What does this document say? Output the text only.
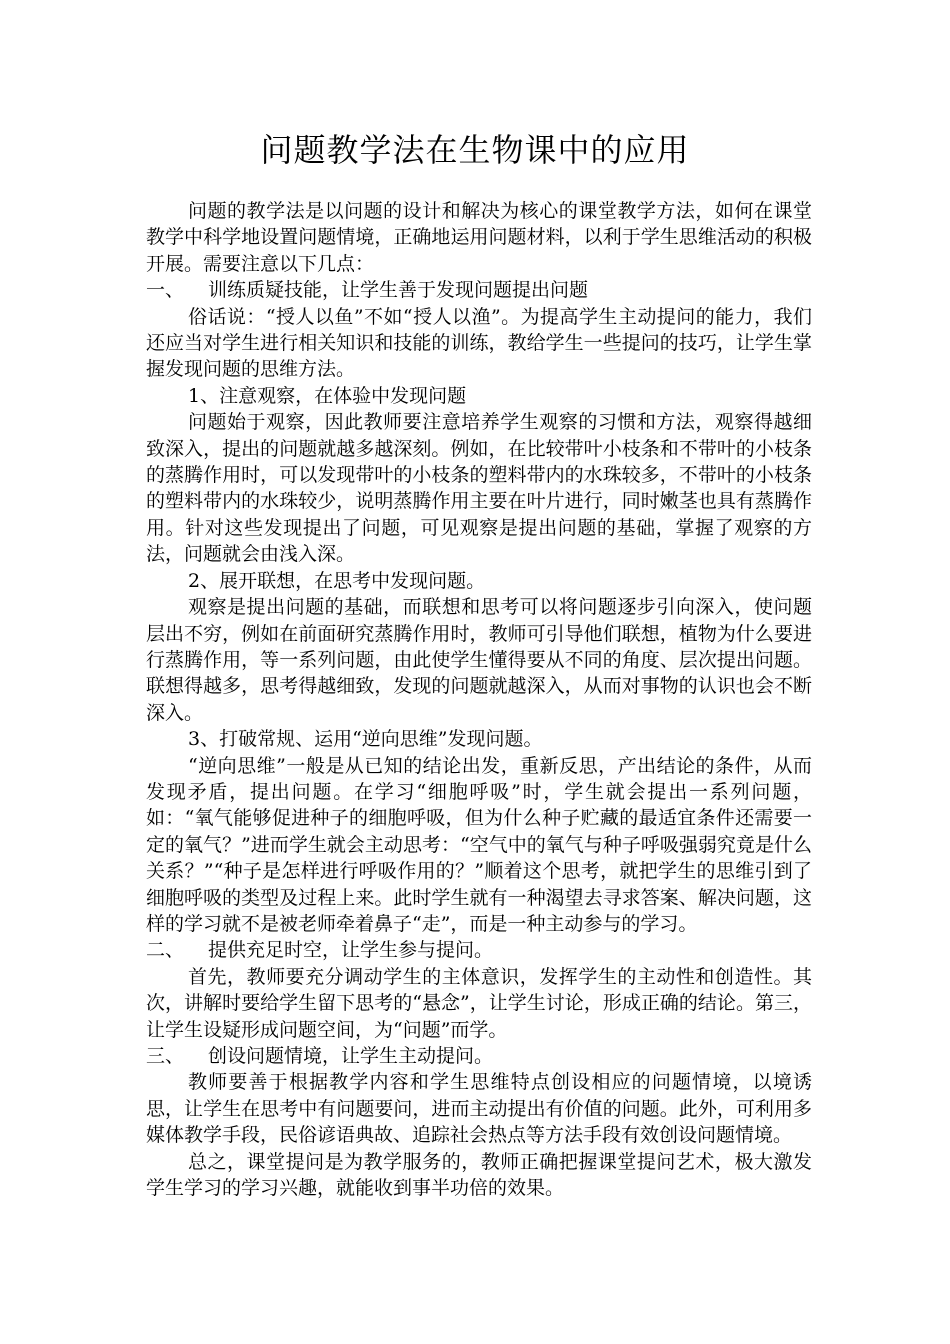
问题教学法在生物课中的应用

问题的教学法是以问题的设计和解决为核心的课堂教学方法，如何在课堂教学中科学地设置问题情境，正确地运用问题材料，以利于学生思维活动的积极开展。需要注意以下几点：

一、	训练质疑技能，让学生善于发现问题提出问题

俗话说：“授人以鱼”不如“授人以渔”。为提高学生主动提问的能力，我们还应当对学生进行相关知识和技能的训练，教给学生一些提问的技巧，让学生掌握发现问题的思维方法。

1、注意观察，在体验中发现问题

问题始于观察，因此教师要注意培养学生观察的习惯和方法，观察得越细致深入，提出的问题就越多越深刻。例如，在比较带叶小枝条和不带叶的小枝条的蒸腾作用时，可以发现带叶的小枝条的塑料带内的水珠较多，不带叶的小枝条的塑料带内的水珠较少，说明蒸腾作用主要在叶片进行，同时嫩茎也具有蒸腾作用。针对这些发现提出了问题，可见观察是提出问题的基础，掌握了观察的方法，问题就会由浅入深。

2、展开联想，在思考中发现问题。

观察是提出问题的基础，而联想和思考可以将问题逐步引向深入，使问题层出不穷，例如在前面研究蒸腾作用时，教师可引导他们联想，植物为什么要进行蒸腾作用，等一系列问题，由此使学生懂得要从不同的角度、层次提出问题。联想得越多，思考得越细致，发现的问题就越深入，从而对事物的认识也会不断深入。

3、打破常规、运用“逆向思维”发现问题。

“逆向思维”一般是从已知的结论出发，重新反思，产出结论的条件，从而发现矛盾，提出问题。在学习“细胞呼吸”时，学生就会提出一系列问题，如：“氧气能够促进种子的细胞呼吸，但为什么种子贮藏的最适宜条件还需要一定的氧气？”进而学生就会主动思考：“空气中的氧气与种子呼吸强弱究竟是什么关系？”“种子是怎样进行呼吸作用的？”顺着这个思考，就把学生的思维引到了细胞呼吸的类型及过程上来。此时学生就有一种渴望去寻求答案、解决问题，这样的学习就不是被老师牵着鼻子“走”，而是一种主动参与的学习。

二、	提供充足时空，让学生参与提问。

首先，教师要充分调动学生的主体意识，发挥学生的主动性和创造性。其次，讲解时要给学生留下思考的“悬念”，让学生讨论，形成正确的结论。第三，让学生设疑形成问题空间，为“问题”而学。

三、	创设问题情境，让学生主动提问。

教师要善于根据教学内容和学生思维特点创设相应的问题情境，以境诱思，让学生在思考中有问题要问，进而主动提出有价值的问题。此外，可利用多媒体教学手段，民俗谚语典故、追踪社会热点等方法手段有效创设问题情境。

总之，课堂提问是为教学服务的，教师正确把握课堂提问艺术，极大激发学生学习的学习兴趣，就能收到事半功倍的效果。
